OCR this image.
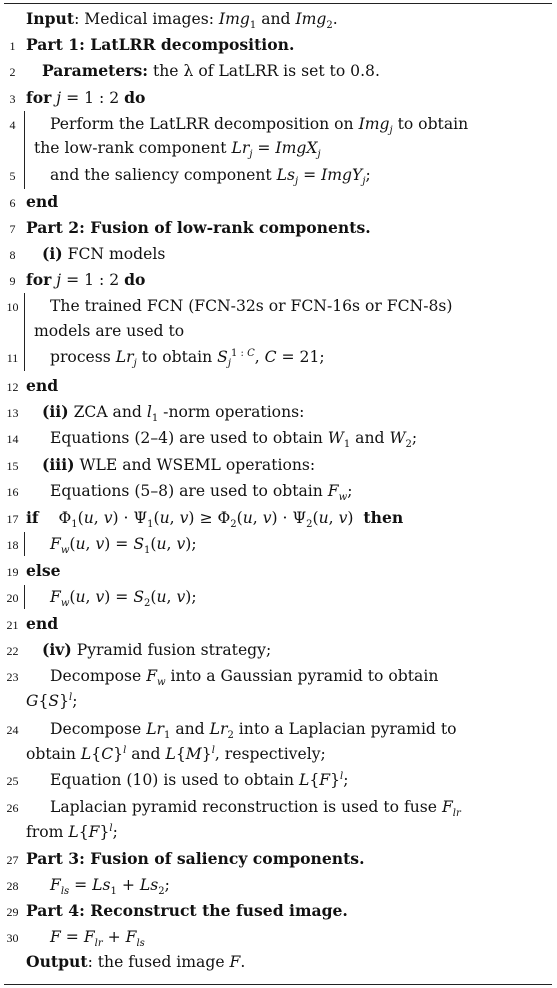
Input: Medical images: Img$_1$ and Img$_2$.
1 Part 1: LatLRR decomposition.
2	Parameters: the λ of LatLRR is set to 0.8.
3 for j = 1 : 2 do
4	Perform the LatLRR decomposition on Img$_j$ to obtain
the low-rank component $Lr_j$ = ImgX$_j$
5	and the saliency component $Ls_j$ = ImgY$_j$;
6 end
7 Part 2: Fusion of low-rank components.
8	(i) FCN models
9 for j = 1 : 2 do
10 The trained FCN (FCN-32s or FCN-16s or FCN-8s)
models are used to
11 process $Lr_j$ to obtain $S_j^{1 : C}$, C = 21;
12 end
13 (ii) ZCA and $l_1$ -norm operations:
14 Equations (2–4) are used to obtain $W_1$ and $W_2$;
15 (iii) WLE and WSEML operations:
16 Equations (5–8) are used to obtain $F_w$;
17 if    $\Phi_1(u$, $v) \cdot \Psi_1(u$, $v) \ge \Phi_2(u$, $v) \cdot \Psi_2(u$, v)  then
18 $F_w(u$, $v) = S_1(u$, v);
19 else
20 $F_w(u$, $v) = S_2(u$, v);
21 end
22 (iv) Pyramid fusion strategy;
23 Decompose $F_w$ into a Gaussian pyramid to obtain
$G\{S\}^l$;
24 Decompose $Lr_1$ and $Lr_2$ into a Laplacian pyramid to
obtain $L\{C\}^l$ and $L\{M\}^l$, respectively;
25 Equation (10) is used to obtain $L\{F\}^l$;
26 Laplacian pyramid reconstruction is used to fuse $F_{lr}$
from $L\{F\}^l$;
27 Part 3: Fusion of saliency components.
28 $F_{ls} = Ls_1 + Ls_2$;
29 Part 4: Reconstruct the fused image.
30 $F = F_{lr} + F_{ls}$
Output: the fused image F.
